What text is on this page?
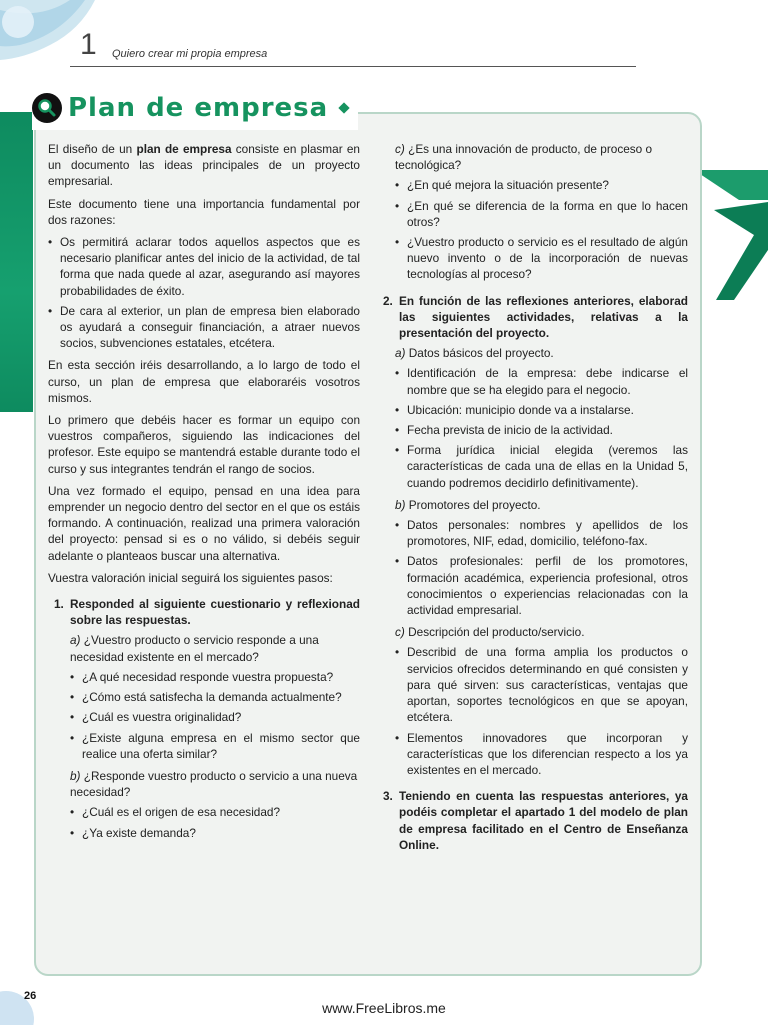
1 Quiero crear mi propia empresa
Plan de empresa

El diseño de un plan de empresa consiste en plasmar en un documento las ideas principales de un proyecto empresarial.

Este documento tiene una importancia fundamental por dos razones:

• Os permitirá aclarar todos aquellos aspectos que es necesario planificar antes del inicio de la actividad, de tal forma que nada quede al azar, asegurando así mayores probabilidades de éxito.
• De cara al exterior, un plan de empresa bien elaborado os ayudará a conseguir financiación, a atraer nuevos socios, subvenciones estatales, etcétera.

En esta sección iréis desarrollando, a lo largo de todo el curso, un plan de empresa que elaboraréis vosotros mismos.

Lo primero que debéis hacer es formar un equipo con vuestros compañeros, siguiendo las indicaciones del profesor. Este equipo se mantendrá estable durante todo el curso y sus integrantes tendrán el rango de socios.

Una vez formado el equipo, pensad en una idea para emprender un negocio dentro del sector en el que os estáis formando. A continuación, realizad una primera valoración del proyecto: pensad si es o no válido, si debéis seguir adelante o planteaos buscar una alternativa.

Vuestra valoración inicial seguirá los siguientes pasos:

1. Responded al siguiente cuestionario y reflexionad sobre las respuestas.
a) ¿Vuestro producto o servicio responde a una necesidad existente en el mercado?
• ¿A qué necesidad responde vuestra propuesta?
• ¿Cómo está satisfecha la demanda actualmente?
• ¿Cuál es vuestra originalidad?
• ¿Existe alguna empresa en el mismo sector que realice una oferta similar?
b) ¿Responde vuestro producto o servicio a una nueva necesidad?
• ¿Cuál es el origen de esa necesidad?
• ¿Ya existe demanda?
c) ¿Es una innovación de producto, de proceso o tecnológica?
• ¿En qué mejora la situación presente?
• ¿En qué se diferencia de la forma en que lo hacen otros?
• ¿Vuestro producto o servicio es el resultado de algún nuevo invento o de la incorporación de nuevas tecnologías al proceso?
2. En función de las reflexiones anteriores, elaborad las siguientes actividades, relativas a la presentación del proyecto.
a) Datos básicos del proyecto.
• Identificación de la empresa: debe indicarse el nombre que se ha elegido para el negocio.
• Ubicación: municipio donde va a instalarse.
• Fecha prevista de inicio de la actividad.
• Forma jurídica inicial elegida (veremos las características de cada una de ellas en la Unidad 5, cuando podremos decidirlo definitivamente).
b) Promotores del proyecto.
• Datos personales: nombres y apellidos de los promotores, NIF, edad, domicilio, teléfono-fax.
• Datos profesionales: perfil de los promotores, formación académica, experiencia profesional, otros conocimientos o experiencias relacionadas con la actividad empresarial.
c) Descripción del producto/servicio.
• Describid de una forma amplia los productos o servicios ofrecidos determinando en qué consisten y para qué sirven: sus características, ventajas que aportan, soportes tecnológicos en que se apoyan, etcétera.
• Elementos innovadores que incorporan y características que los diferencian respecto a los ya existentes en el mercado.
3. Teniendo en cuenta las respuestas anteriores, ya podéis completar el apartado 1 del modelo de plan de empresa facilitado en el Centro de Enseñanza Online.
26
www.FreeLibros.me
